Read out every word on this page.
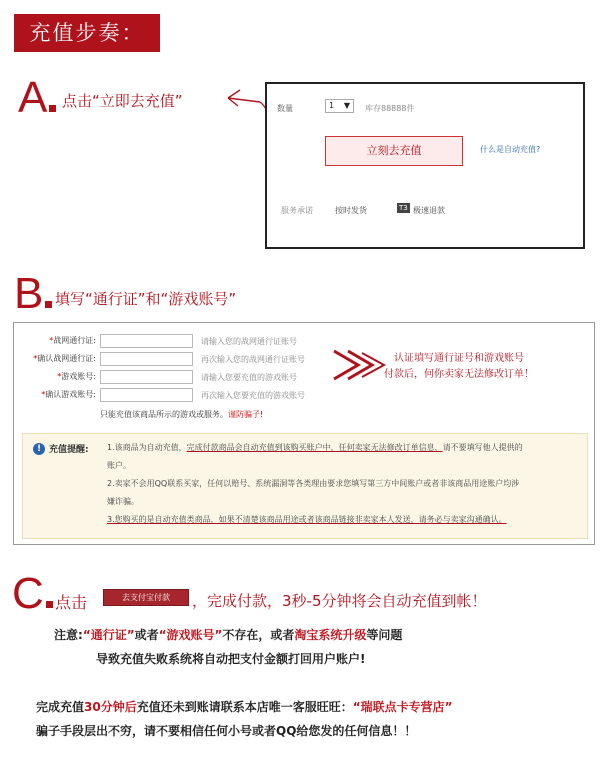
充值步奏：
A 点击“立即去充值”	数量	1 ▼ 库存88888件
立刻去充值	什么是自动充值?
服务承诺	按时发货	T3 极速退款
B 填写“通行证”和“游戏账号”
*战网通行证:	请输入您的战网通行证账号
*确认战网通行证:	再次输入您的战网通行证账号
*游戏账号:	请输入您要充值的游戏账号
*确认游戏账号:	再次输入您要充值的游戏账号
只能充值该商品所示的游戏或服务。谨防骗子!
认证填写通行证号和游戏账号
付款后，何你卖家无法修改订单！
! 充值提醒: 1.该商品为自动充值，完成付款商品会自动充值到该购买账户中，任何卖家无法修改订单信息，请不要填写他人提供的
账户。
2.卖家不会用QQ联系买家，任何以赔号、系统漏洞等各类理由要求您填写第三方中间账户或者非该商品用途账户均涉
嫌诈骗。
3.您购买的是自动充值类商品，如果不清楚该商品用途或者该商品链接非卖家本人发送，请务必与卖家沟通确认。
C 点击	去支付宝付款	，完成付款，3秒-5分钟将会自动充值到帐！
注意:“通行证”或者“游戏账号”不存在，或者淘宝系统升级等问题
导致充值失败系统将自动把支付金额打回用户账户!
完成充值30分钟后充值还未到账请联系本店唯一客服旺旺：“瑞联点卡专营店”
骗子手段层出不穷，请不要相信任何小号或者QQ给您发的任何信息！！
